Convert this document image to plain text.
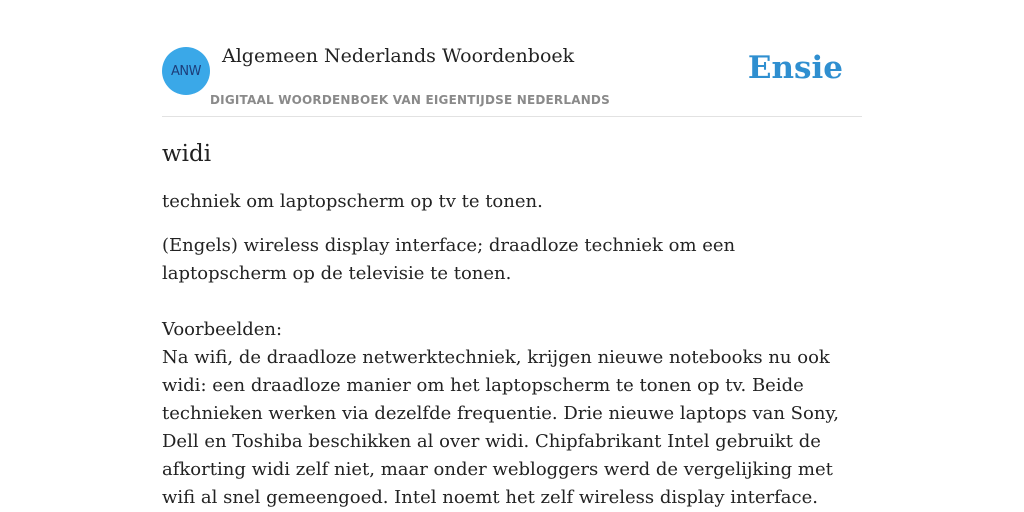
ANW
Algemeen Nederlands Woordenboek
DIGITAAL WOORDENBOEK VAN EIGENTIJDSE NEDERLANDS
Ensie
widi

techniek om laptopscherm op tv te tonen.

(Engels) wireless display interface; draadloze techniek om een laptopscherm op de televisie te tonen.

Voorbeelden:

Na wifi, de draadloze netwerktechniek, krijgen nieuwe notebooks nu ook widi: een draadloze manier om het laptopscherm te tonen op tv. Beide technieken werken via dezelfde frequentie. Drie nieuwe laptops van Sony, Dell en Toshiba beschikken al over widi. Chipfabrikant Intel gebruikt de afkorting widi zelf niet, maar onder webloggers werd de vergelijking met wifi al snel gemeengoed. Intel noemt het zelf wireless display interface.
